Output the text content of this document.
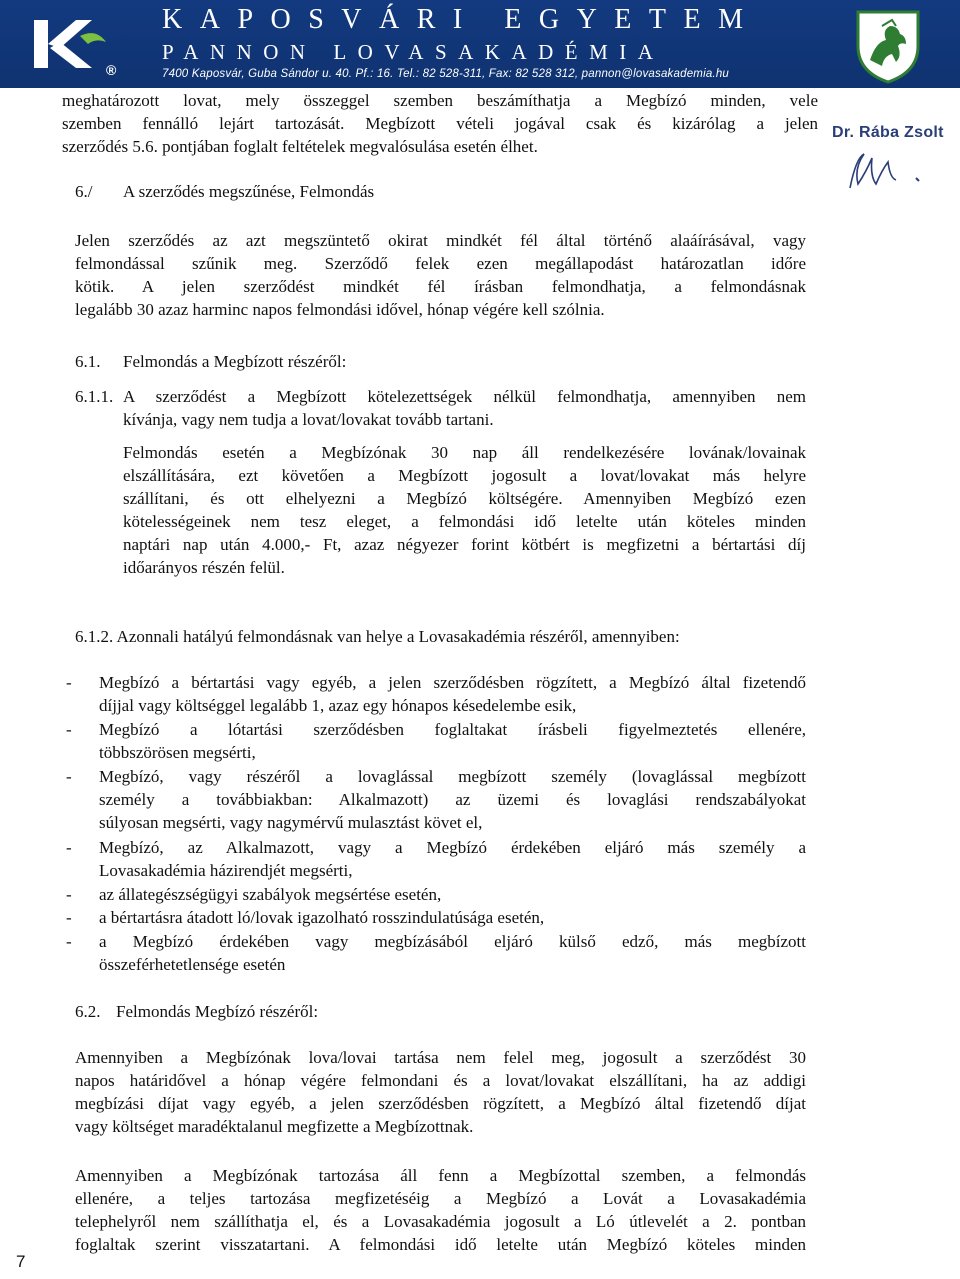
®
KAPOSVÁRI EGYETEM
PANNON LOVASAKADÉMIA
7400 Kaposvár, Guba Sándor u. 40. Pf.: 16. Tel.: 82 528-311, Fax: 82 528 312, pannon@lovasakademia.hu
Dr. Rába Zsolt
meghatározott lovat, mely összeggel szemben beszámíthatja a Megbízó minden, vele
szemben fennálló lejárt tartozását. Megbízott vételi jogával csak és kizárólag a jelen
szerződés 5.6. pontjában foglalt feltételek megvalósulása esetén élhet.
6./ A szerződés megszűnése, Felmondás
Jelen szerződés az azt megszüntető okirat mindkét fél által történő alaáírásával, vagy
felmondással szűnik meg. Szerződő felek ezen megállapodást határozatlan időre
kötik. A jelen szerződést mindkét fél írásban felmondhatja, a felmondásnak
legalább 30 azaz harminc napos felmondási idővel, hónap végére kell szólnia.
6.1. Felmondás a Megbízott részéről:
6.1.1. A szerződést a Megbízott kötelezettségek nélkül felmondhatja, amennyiben nem
kívánja, vagy nem tudja a lovat/lovakat tovább tartani.
Felmondás esetén a Megbízónak 30 nap áll rendelkezésére lovának/lovainak
elszállítására, ezt követően a Megbízott jogosult a lovat/lovakat más helyre
szállítani, és ott elhelyezni a Megbízó költségére. Amennyiben Megbízó ezen
kötelességeinek nem tesz eleget, a felmondási idő letelte után köteles minden
naptári nap után 4.000,- Ft, azaz négyezer forint kötbért is megfizetni a bértartási díj
időarányos részén felül.
6.1.2. Azonnali hatályú felmondásnak van helye a Lovasakadémia részéről, amennyiben:
- Megbízó a bértartási vagy egyéb, a jelen szerződésben rögzített, a Megbízó által fizetendő
díjjal vagy költséggel legalább 1, azaz egy hónapos késedelembe esik,
- Megbízó a lótartási szerződésben foglaltakat írásbeli figyelmeztetés ellenére,
többszörösen megsérti,
- Megbízó, vagy részéről a lovaglással megbízott személy (lovaglással megbízott
személy a továbbiakban: Alkalmazott) az üzemi és lovaglási rendszabályokat
súlyosan megsérti, vagy nagymérvű mulasztást követ el,
- Megbízó, az Alkalmazott, vagy a Megbízó érdekében eljáró más személy a
Lovasakadémia házirendjét megsérti,
- az állategészségügyi szabályok megsértése esetén,
- a bértartásra átadott ló/lovak igazolható rosszindulatúsága esetén,
- a Megbízó érdekében vagy megbízásából eljáró külső edző, más megbízott
összeférhetetlensége esetén
6.2. Felmondás Megbízó részéről:
Amennyiben a Megbízónak lova/lovai tartása nem felel meg, jogosult a szerződést 30
napos határidővel a hónap végére felmondani és a lovat/lovakat elszállítani, ha az addigi
megbízási díjat vagy egyéb, a jelen szerződésben rögzített, a Megbízó által fizetendő díjat
vagy költséget maradéktalanul megfizette a Megbízottnak.
Amennyiben a Megbízónak tartozása áll fenn a Megbízottal szemben, a felmondás
ellenére, a teljes tartozása megfizetéséig a Megbízó a Lovát a Lovasakadémia
telephelyről nem szállíthatja el, és a Lovasakadémia jogosult a Ló útlevelét a 2. pontban
foglaltak szerint visszatartani. A felmondási idő letelte után Megbízó köteles minden
7
